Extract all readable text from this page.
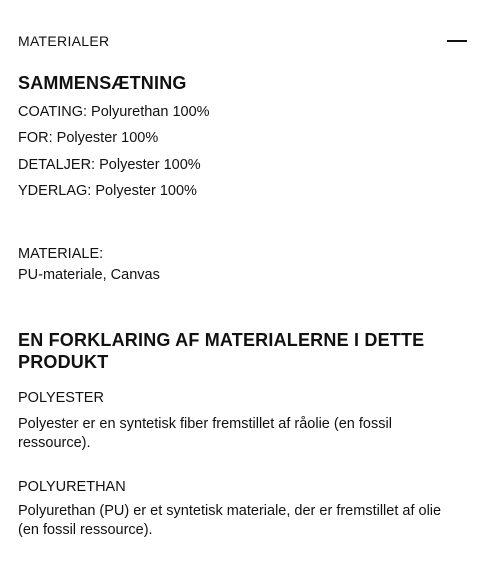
MATERIALER
SAMMENSÆTNING
COATING: Polyurethan 100%
FOR: Polyester 100%
DETALJER: Polyester 100%
YDERLAG: Polyester 100%
MATERIALE:
PU-materiale, Canvas
EN FORKLARING AF MATERIALERNE I DETTE PRODUKT
POLYESTER
Polyester er en syntetisk fiber fremstillet af råolie (en fossil ressource).
POLYURETHAN
Polyurethan (PU) er et syntetisk materiale, der er fremstillet af olie (en fossil ressource).
